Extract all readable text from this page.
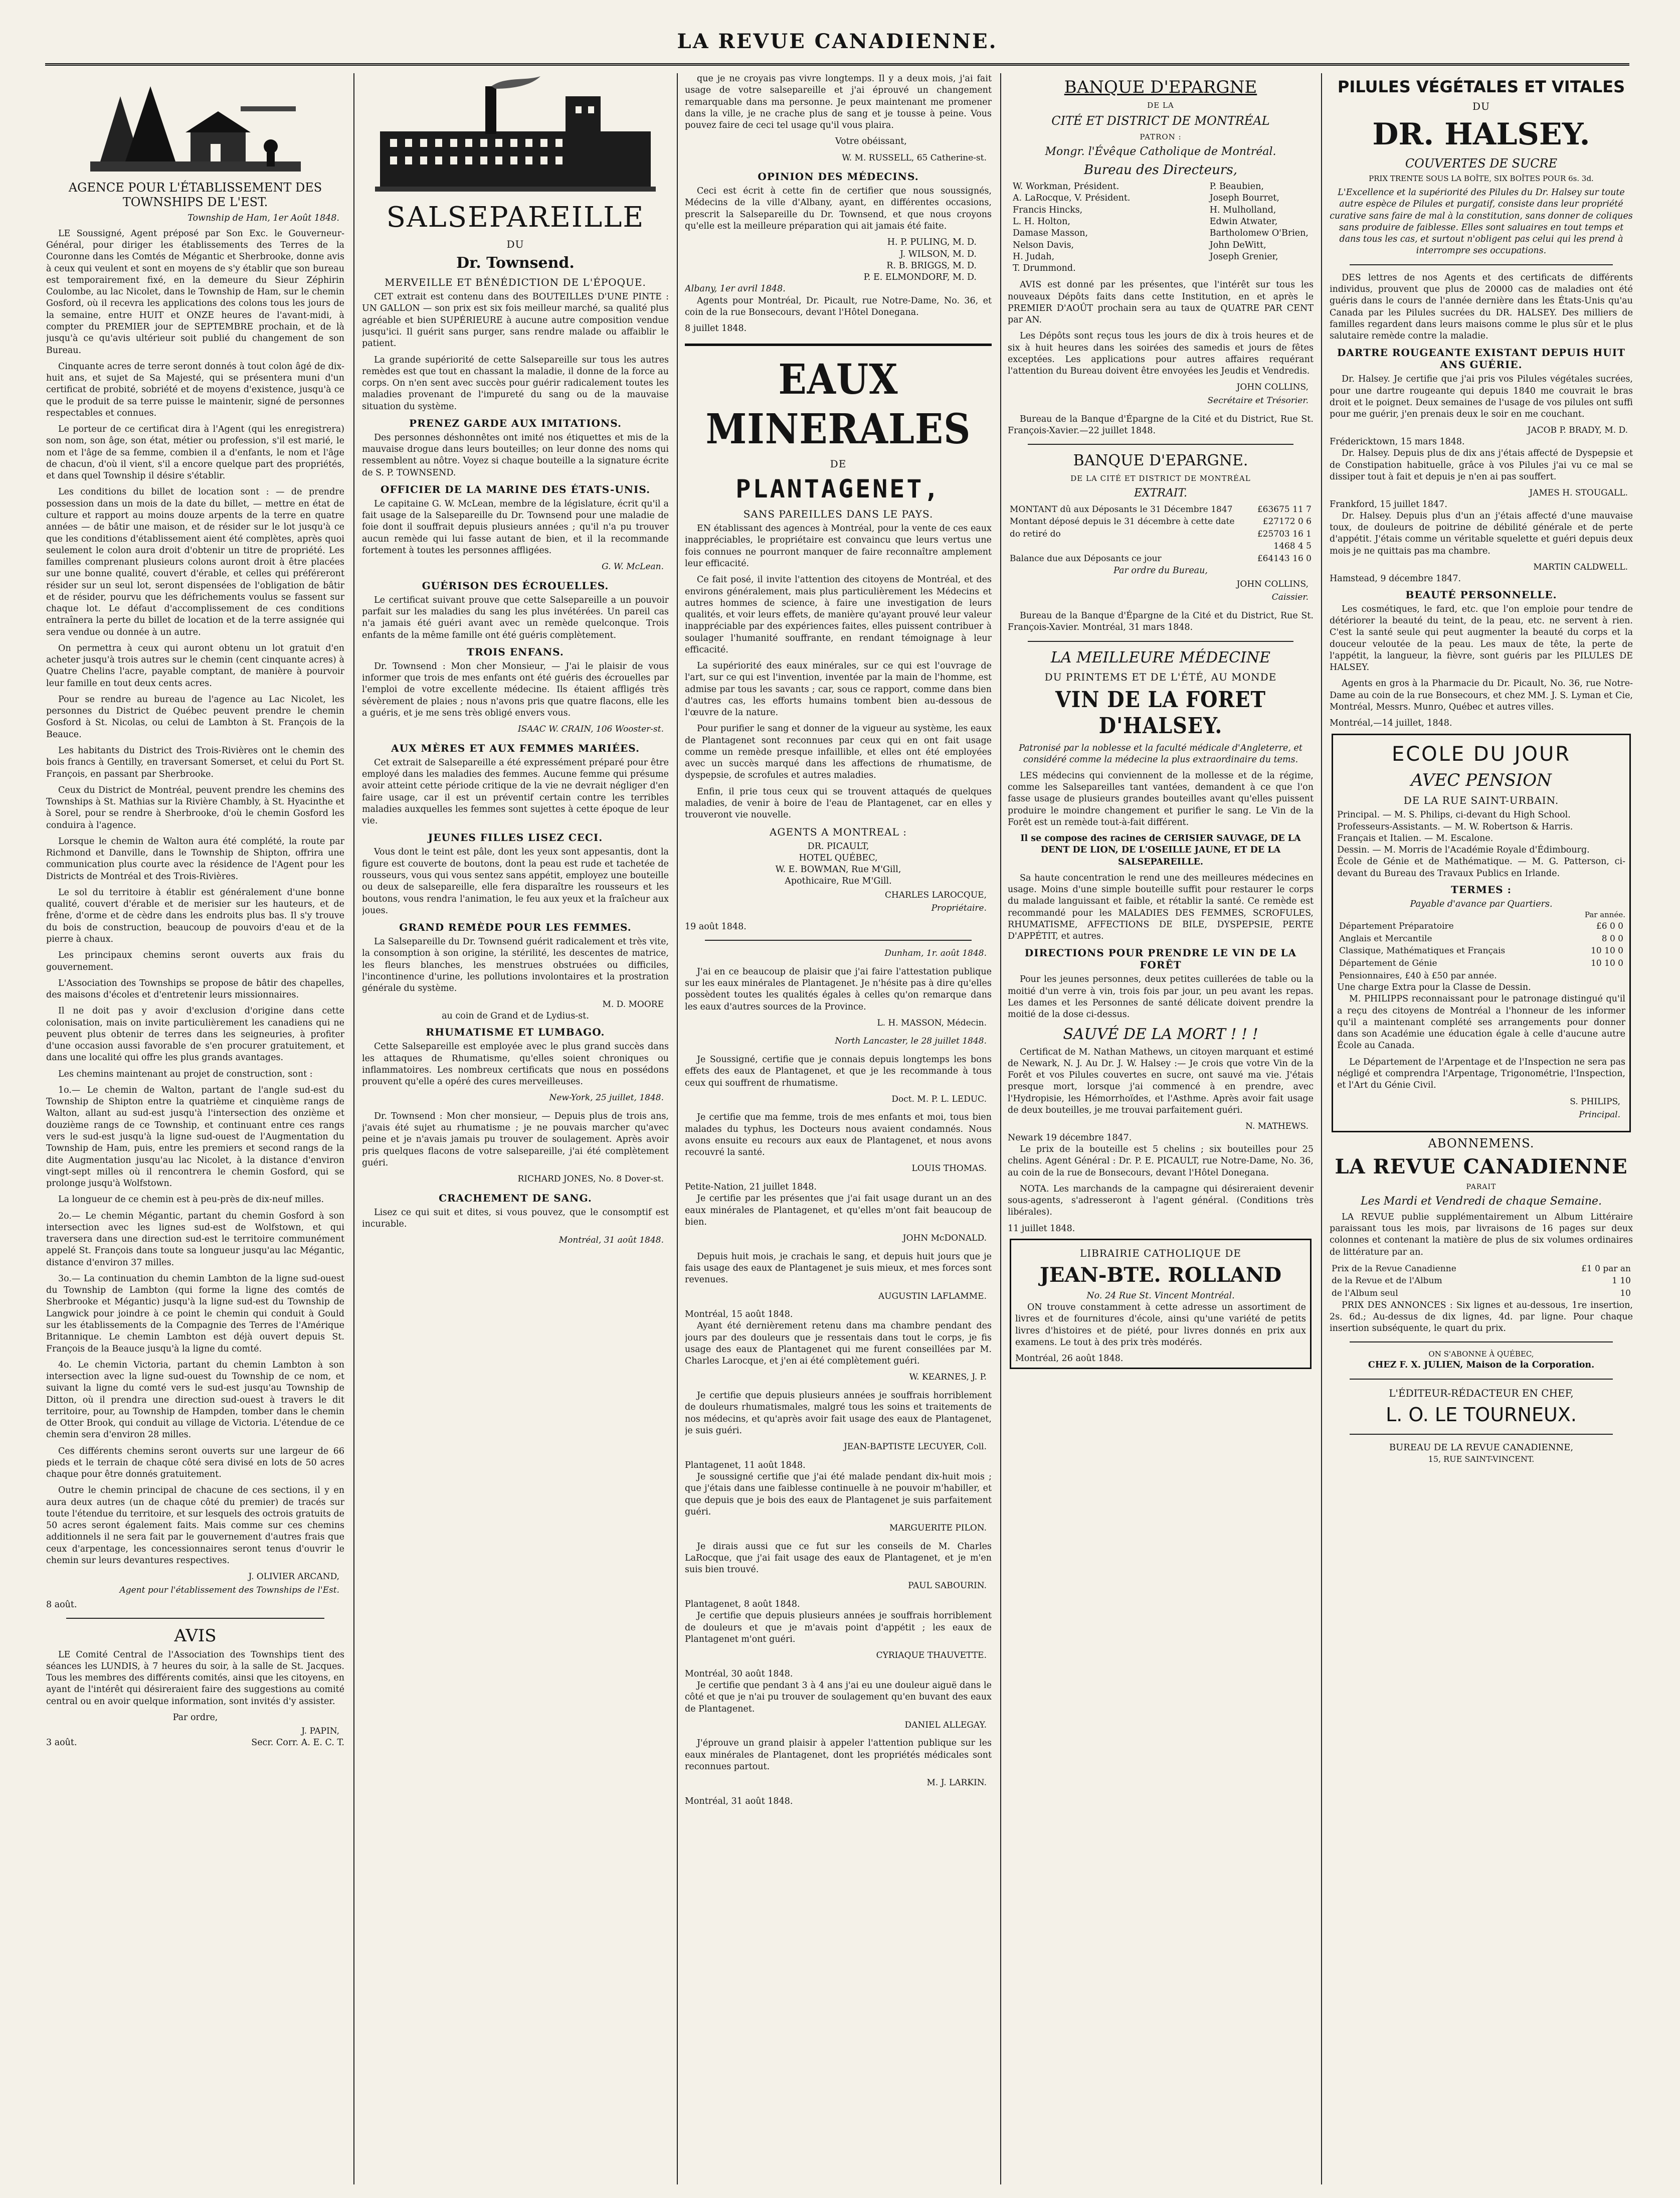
LA REVUE CANADIENNE.
AGENCE POUR L'ÉTABLISSEMENT DES TOWNSHIPS DE L'EST.
Township de Ham, 1er Août 1848.

LE Soussigné, Agent préposé par Son Exc. le Gouverneur-Général, pour diriger les établissements des Terres de la Couronne dans les Comtés de Mégantic et Sherbrooke, donne avis à ceux qui veulent et sont en moyens de s'y établir que son bureau est temporairement fixé, en la demeure du Sieur Zéphirin Coulombe, au lac Nicolet, dans le Township de Ham, sur le chemin Gosford, où il recevra les applications des colons tous les jours de la semaine, entre HUIT et ONZE heures de l'avant-midi, à compter du PREMIER jour de SEPTEMBRE prochain, et de là jusqu'à ce qu'avis ultérieur soit publié du changement de son Bureau.

Cinquante acres de terre seront donnés à tout colon âgé de dix-huit ans, et sujet de Sa Majesté, qui se présentera muni d'un certificat de probité, sobriété et de moyens d'existence, jusqu'à ce que le produit de sa terre puisse le maintenir, signé de personnes respectables et connues.

Le porteur de ce certificat dira à l'Agent (qui les enregistrera) son nom, son âge, son état, métier ou profession, s'il est marié, le nom et l'âge de sa femme, combien il a d'enfants, le nom et l'âge de chacun, d'où il vient, s'il a encore quelque part des propriétés, et dans quel Township il désire s'établir.

Les conditions du billet de location sont : — de prendre possession dans un mois de la date du billet, — mettre en état de culture et rapport au moins douze arpents de la terre en quatre années — de bâtir une maison, et de résider sur le lot jusqu'à ce que les conditions d'établissement aient été complètes, après quoi seulement le colon aura droit d'obtenir un titre de propriété. Les familles comprenant plusieurs colons auront droit à être placées sur une bonne qualité, couvert d'érable, et celles qui préféreront résider sur un seul lot, seront dispensées de l'obligation de bâtir et de résider, pourvu que les défrichements voulus se fassent sur chaque lot. Le défaut d'accomplissement de ces conditions entraînera la perte du billet de location et de la terre assignée qui sera vendue ou donnée à un autre.

On permettra à ceux qui auront obtenu un lot gratuit d'en acheter jusqu'à trois autres sur le chemin (cent cinquante acres) à Quatre Chelins l'acre, payable comptant, de manière à pourvoir leur famille en tout deux cents acres.

Pour se rendre au bureau de l'agence au Lac Nicolet, les personnes du District de Québec peuvent prendre le chemin Gosford à St. Nicolas, ou celui de Lambton à St. François de la Beauce.

Les habitants du District des Trois-Rivières ont le chemin des bois francs à Gentilly, en traversant Somerset, et celui du Port St. François, en passant par Sherbrooke.

Ceux du District de Montréal, peuvent prendre les chemins des Townships à St. Mathias sur la Rivière Chambly, à St. Hyacinthe et à Sorel, pour se rendre à Sherbrooke, d'où le chemin Gosford les conduira à l'agence.

Lorsque le chemin de Walton aura été complété, la route par Richmond et Danville, dans le Township de Shipton, offrira une communication plus courte avec la résidence de l'Agent pour les Districts de Montréal et des Trois-Rivières.

Le sol du territoire à établir est généralement d'une bonne qualité, couvert d'érable et de merisier sur les hauteurs, et de frêne, d'orme et de cèdre dans les endroits plus bas. Il s'y trouve du bois de construction, beaucoup de pouvoirs d'eau et de la pierre à chaux.

Les principaux chemins seront ouverts aux frais du gouvernement.

L'Association des Townships se propose de bâtir des chapelles, des maisons d'écoles et d'entretenir leurs missionnaires.

Il ne doit pas y avoir d'exclusion d'origine dans cette colonisation, mais on invite particulièrement les canadiens qui ne peuvent plus obtenir de terres dans les seigneuries, à profiter d'une occasion aussi favorable de s'en procurer gratuitement, et dans une localité qui offre les plus grands avantages.

Les chemins maintenant au projet de construction, sont :

1o.— Le chemin de Walton, partant de l'angle sud-est du Township de Shipton entre la quatrième et cinquième rangs de Walton, allant au sud-est jusqu'à l'intersection des onzième et douzième rangs de ce Township, et continuant entre ces rangs vers le sud-est jusqu'à la ligne sud-ouest de l'Augmentation du Township de Ham, puis, entre les premiers et second rangs de la dite Augmentation jusqu'au lac Nicolet, à la distance d'environ vingt-sept milles où il rencontrera le chemin Gosford, qui se prolonge jusqu'à Wolfstown.

La longueur de ce chemin est à peu-près de dix-neuf milles.

2o.— Le chemin Mégantic, partant du chemin Gosford à son intersection avec les lignes sud-est de Wolfstown, et qui traversera dans une direction sud-est le territoire communément appelé St. François dans toute sa longueur jusqu'au lac Mégantic, distance d'environ 37 milles.

3o.— La continuation du chemin Lambton de la ligne sud-ouest du Township de Lambton (qui forme la ligne des comtés de Sherbrooke et Mégantic) jusqu'à la ligne sud-est du Township de Langwick pour joindre à ce point le chemin qui conduit à Gould sur les établissements de la Compagnie des Terres de l'Amérique Britannique. Le chemin Lambton est déjà ouvert depuis St. François de la Beauce jusqu'à la ligne du comté.

4o. Le chemin Victoria, partant du chemin Lambton à son intersection avec la ligne sud-ouest du Township de ce nom, et suivant la ligne du comté vers le sud-est jusqu'au Township de Ditton, où il prendra une direction sud-ouest à travers le dit territoire, pour, au Township de Hampden, tomber dans le chemin de Otter Brook, qui conduit au village de Victoria. L'étendue de ce chemin sera d'environ 28 milles.

Ces différents chemins seront ouverts sur une largeur de 66 pieds et le terrain de chaque côté sera divisé en lots de 50 acres chaque pour être donnés gratuitement.

Outre le chemin principal de chacune de ces sections, il y en aura deux autres (un de chaque côté du premier) de tracés sur toute l'étendue du territoire, et sur lesquels des octrois gratuits de 50 acres seront également faits. Mais comme sur ces chemins additionnels il ne sera fait par le gouvernement d'autres frais que ceux d'arpentage, les concessionnaires seront tenus d'ouvrir le chemin sur leurs devantures respectives.

J. OLIVIER ARCAND,
Agent pour l'établissement des Townships de l'Est.
8 août.
AVIS

LE Comité Central de l'Association des Townships tient des séances les LUNDIS, à 7 heures du soir, à la salle de St. Jacques. Tous les membres des différents comités, ainsi que les citoyens, en ayant de l'intérêt qui désireraient faire des suggestions au comité central ou en avoir quelque information, sont invités d'y assister.

Par ordre,
J. PAPIN,
3 août.	Secr. Corr. A. E. C. T.
SALSEPAREILLE
DU
Dr. Townsend.
MERVEILLE ET BÉNÉDICTION DE L'ÉPOQUE.

CET extrait est contenu dans des BOUTEILLES D'UNE PINTE : UN GALLON — son prix est six fois meilleur marché, sa qualité plus agréable et bien SUPÉRIEURE à aucune autre composition vendue jusqu'ici. Il guérit sans purger, sans rendre malade ou affaiblir le patient.

La grande supériorité de cette Salsepareille sur tous les autres remèdes est que tout en chassant la maladie, il donne de la force au corps. On n'en sent avec succès pour guérir radicalement toutes les maladies provenant de l'impureté du sang ou de la mauvaise situation du système.

PRENEZ GARDE AUX IMITATIONS.

Des personnes déshonnêtes ont imité nos étiquettes et mis de la mauvaise drogue dans leurs bouteilles; on leur donne des noms qui ressemblent au nôtre. Voyez si chaque bouteille a la signature écrite de S. P. TOWNSEND.

OFFICIER DE LA MARINE DES ÉTATS-UNIS.

Le capitaine G. W. McLean, membre de la législature, écrit qu'il a fait usage de la Salsepareille du Dr. Townsend pour une maladie de foie dont il souffrait depuis plusieurs années ; qu'il n'a pu trouver aucun remède qui lui fasse autant de bien, et il la recommande fortement à toutes les personnes affligées.

G. W. McLean.
GUÉRISON DES ÉCROUELLES.

Le certificat suivant prouve que cette Salsepareille a un pouvoir parfait sur les maladies du sang les plus invétérées. Un pareil cas n'a jamais été guéri avant avec un remède quelconque. Trois enfants de la même famille ont été guéris complètement.

TROIS ENFANS.

Dr. Townsend : Mon cher Monsieur, — J'ai le plaisir de vous informer que trois de mes enfants ont été guéris des écrouelles par l'emploi de votre excellente médecine. Ils étaient affligés très sévèrement de plaies ; nous n'avons pris que quatre flacons, elle les a guéris, et je me sens très obligé envers vous.

ISAAC W. CRAIN, 106 Wooster-st.
AUX MÈRES ET AUX FEMMES MARIÉES.

Cet extrait de Salsepareille a été expressément préparé pour être employé dans les maladies des femmes. Aucune femme qui présume avoir atteint cette période critique de la vie ne devrait négliger d'en faire usage, car il est un préventif certain contre les terribles maladies auxquelles les femmes sont sujettes à cette époque de leur vie.

JEUNES FILLES LISEZ CECI.

Vous dont le teint est pâle, dont les yeux sont appesantis, dont la figure est couverte de boutons, dont la peau est rude et tachetée de rousseurs, vous qui vous sentez sans appétit, employez une bouteille ou deux de salsepareille, elle fera disparaître les rousseurs et les boutons, vous rendra l'animation, le feu aux yeux et la fraîcheur aux joues.

GRAND REMÈDE POUR LES FEMMES.

La Salsepareille du Dr. Townsend guérit radicalement et très vite, la consomption à son origine, la stérilité, les descentes de matrice, les fleurs blanches, les menstrues obstruées ou difficiles, l'incontinence d'urine, les pollutions involontaires et la prostration générale du système.

M. D. MOORE
au coin de Grand et de Lydius-st.
RHUMATISME ET LUMBAGO.

Cette Salsepareille est employée avec le plus grand succès dans les attaques de Rhumatisme, qu'elles soient chroniques ou inflammatoires. Les nombreux certificats que nous en possédons prouvent qu'elle a opéré des cures merveilleuses.

New-York, 25 juillet, 1848.

Dr. Townsend : Mon cher monsieur, — Depuis plus de trois ans, j'avais été sujet au rhumatisme ; je ne pouvais marcher qu'avec peine et je n'avais jamais pu trouver de soulagement. Après avoir pris quelques flacons de votre salsepareille, j'ai été complètement guéri.

RICHARD JONES, No. 8 Dover-st.
CRACHEMENT DE SANG.

Lisez ce qui suit et dites, si vous pouvez, que le consomptif est incurable.

Montréal, 31 août 1848.

que je ne croyais pas vivre longtemps. Il y a deux mois, j'ai fait usage de votre salsepareille et j'ai éprouvé un changement remarquable dans ma personne. Je peux maintenant me promener dans la ville, je ne crache plus de sang et je tousse à peine. Vous pouvez faire de ceci tel usage qu'il vous plaira.

Votre obéissant,

W. M. RUSSELL, 65 Catherine-st.
OPINION DES MÉDECINS.

Ceci est écrit à cette fin de certifier que nous soussignés, Médecins de la ville d'Albany, ayant, en différentes occasions, prescrit la Salsepareille du Dr. Townsend, et que nous croyons qu'elle est la meilleure préparation qui ait jamais été faite.

H. P. PULING, M. D.
J. WILSON, M. D.
R. B. BRIGGS, M. D.
P. E. ELMONDORF, M. D.
Albany, 1er avril 1848.

Agents pour Montréal, Dr. Picault, rue Notre-Dame, No. 36, et coin de la rue Bonsecours, devant l'Hôtel Donegana.

8 juillet 1848.
EAUX MINERALES
DE
PLANTAGENET,
SANS PAREILLES DANS LE PAYS.

EN établissant des agences à Montréal, pour la vente de ces eaux inappréciables, le propriétaire est convaincu que leurs vertus une fois connues ne pourront manquer de faire reconnaître amplement leur efficacité.

Ce fait posé, il invite l'attention des citoyens de Montréal, et des environs généralement, mais plus particulièrement les Médecins et autres hommes de science, à faire une investigation de leurs qualités, et voir leurs effets, de manière qu'ayant prouvé leur valeur inappréciable par des expériences faites, elles puissent contribuer à soulager l'humanité souffrante, en rendant témoignage à leur efficacité.

La supériorité des eaux minérales, sur ce qui est l'ouvrage de l'art, sur ce qui est l'invention, inventée par la main de l'homme, est admise par tous les savants ; car, sous ce rapport, comme dans bien d'autres cas, les efforts humains tombent bien au-dessous de l'œuvre de la nature.

Pour purifier le sang et donner de la vigueur au système, les eaux de Plantagenet sont reconnues par ceux qui en ont fait usage comme un remède presque infaillible, et elles ont été employées avec un succès marqué dans les affections de rhumatisme, de dyspepsie, de scrofules et autres maladies.

Enfin, il prie tous ceux qui se trouvent attaqués de quelques maladies, de venir à boire de l'eau de Plantagenet, car en elles y trouveront vie nouvelle.

AGENTS A MONTREAL :
DR. PICAULT,
HOTEL QUÉBEC,
W. E. BOWMAN, Rue M'Gill,
Apothicaire, Rue M'Gill.
CHARLES LAROCQUE,
Propriétaire.
19 août 1848.
Dunham, 1r. août 1848.

J'ai en ce beaucoup de plaisir que j'ai faire l'attestation publique sur les eaux minérales de Plantagenet. Je n'hésite pas à dire qu'elles possèdent toutes les qualités égales à celles qu'on remarque dans les eaux d'autres sources de la Province.

L. H. MASSON, Médecin.
North Lancaster, le 28 juillet 1848.

Je Soussigné, certifie que je connais depuis longtemps les bons effets des eaux de Plantagenet, et que je les recommande à tous ceux qui souffrent de rhumatisme.

Doct. M. P. L. LEDUC.

Je certifie que ma femme, trois de mes enfants et moi, tous bien malades du typhus, les Docteurs nous avaient condamnés. Nous avons ensuite eu recours aux eaux de Plantagenet, et nous avons recouvré la santé.

LOUIS THOMAS.
Petite-Nation, 21 juillet 1848.

Je certifie par les présentes que j'ai fait usage durant un an des eaux minérales de Plantagenet, et qu'elles m'ont fait beaucoup de bien.

JOHN McDONALD.

Depuis huit mois, je crachais le sang, et depuis huit jours que je fais usage des eaux de Plantagenet je suis mieux, et mes forces sont revenues.

AUGUSTIN LAFLAMME.
Montréal, 15 août 1848.

Ayant été dernièrement retenu dans ma chambre pendant des jours par des douleurs que je ressentais dans tout le corps, je fis usage des eaux de Plantagenet qui me furent conseillées par M. Charles Larocque, et j'en ai été complètement guéri.

W. KEARNES, J. P.

Je certifie que depuis plusieurs années je souffrais horriblement de douleurs rhumatismales, malgré tous les soins et traitements de nos médecins, et qu'après avoir fait usage des eaux de Plantagenet, je suis guéri.

JEAN-BAPTISTE LECUYER, Coll.
Plantagenet, 11 août 1848.

Je soussigné certifie que j'ai été malade pendant dix-huit mois ; que j'étais dans une faiblesse continuelle à ne pouvoir m'habiller, et que depuis que je bois des eaux de Plantagenet je suis parfaitement guéri.

MARGUERITE PILON.

Je dirais aussi que ce fut sur les conseils de M. Charles LaRocque, que j'ai fait usage des eaux de Plantagenet, et je m'en suis bien trouvé.

PAUL SABOURIN.
Plantagenet, 8 août 1848.

Je certifie que depuis plusieurs années je souffrais horriblement de douleurs et que je m'avais point d'appétit ; les eaux de Plantagenet m'ont guéri.

CYRIAQUE THAUVETTE.
Montréal, 30 août 1848.

Je certifie que pendant 3 à 4 ans j'ai eu une douleur aiguë dans le côté et que je n'ai pu trouver de soulagement qu'en buvant des eaux de Plantagenet.

DANIEL ALLEGAY.

J'éprouve un grand plaisir à appeler l'attention publique sur les eaux minérales de Plantagenet, dont les propriétés médicales sont reconnues partout.

M. J. LARKIN.
Montréal, 31 août 1848.
BANQUE D'EPARGNE
DE LA
CITÉ ET DISTRICT DE MONTRÉAL
PATRON :
Mongr. l'Évêque Catholique de Montréal.
Bureau des Directeurs,
W. Workman, Président.
A. LaRocque, V. Président.
Francis Hincks,
L. H. Holton,
Damase Masson,
Nelson Davis,
H. Judah,
T. Drummond.
P. Beaubien,
Joseph Bourret,
H. Mulholland,
Edwin Atwater,
Bartholomew O'Brien,
John DeWitt,
Joseph Grenier,

AVIS est donné par les présentes, que l'intérêt sur tous les nouveaux Dépôts faits dans cette Institution, en et après le PREMIER D'AOÛT prochain sera au taux de QUATRE PAR CENT par AN.

Les Dépôts sont reçus tous les jours de dix à trois heures et de six à huit heures dans les soirées des samedis et jours de fêtes exceptées. Les applications pour autres affaires requérant l'attention du Bureau doivent être envoyées les Jeudis et Vendredis.

JOHN COLLINS,
Secrétaire et Trésorier.

Bureau de la Banque d'Épargne de la Cité et du District, Rue St. François-Xavier.—22 juillet 1848.

BANQUE D'EPARGNE.
DE LA CITÉ ET DISTRICT DE MONTRÉAL
EXTRAIT.
MONTANT dû aux Déposants le 31 Décembre 1847	£63675 11 7
Montant déposé depuis le 31 décembre à cette date	£27172 0 6
do retiré do	£25703 16 1
	1468 4 5
Balance due aux Déposants ce jour	£64143 16 0
Par ordre du Bureau,
JOHN COLLINS,
Caissier.

Bureau de la Banque d'Épargne de la Cité et du District, Rue St. François-Xavier. Montréal, 31 mars 1848.

LA MEILLEURE MÉDECINE
DU PRINTEMS ET DE L'ÉTÉ, AU MONDE
VIN DE LA FORET D'HALSEY.
Patronisé par la noblesse et la faculté médicale d'Angleterre, et considéré comme la médecine la plus extraordinaire du tems.

LES médecins qui conviennent de la mollesse et de la régime, comme les Salsepareilles tant vantées, demandent à ce que l'on fasse usage de plusieurs grandes bouteilles avant qu'elles puissent produire le moindre changement et purifier le sang. Le Vin de la Forêt est un remède tout-à-fait différent.

Il se compose des racines de CERISIER SAUVAGE, DE LA DENT DE LION, DE L'OSEILLE JAUNE, ET DE LA SALSEPAREILLE.

Sa haute concentration le rend une des meilleures médecines en usage. Moins d'une simple bouteille suffit pour restaurer le corps du malade languissant et faible, et rétablir la santé. Ce remède est recommandé pour les MALADIES DES FEMMES, SCROFULES, RHUMATISME, AFFECTIONS DE BILE, DYSPEPSIE, PERTE D'APPÉTIT, et autres.

DIRECTIONS POUR PRENDRE LE VIN DE LA FORÊT

Pour les jeunes personnes, deux petites cuillerées de table ou la moitié d'un verre à vin, trois fois par jour, un peu avant les repas. Les dames et les Personnes de santé délicate doivent prendre la moitié de la dose ci-dessus.

SAUVÉ DE LA MORT ! ! !

Certificat de M. Nathan Mathews, un citoyen marquant et estimé de Newark, N. J. Au Dr. J. W. Halsey :— Je crois que votre Vin de la Forêt et vos Pilules couvertes en sucre, ont sauvé ma vie. J'étais presque mort, lorsque j'ai commencé à en prendre, avec l'Hydropisie, les Hémorrhoïdes, et l'Asthme. Après avoir fait usage de deux bouteilles, je me trouvai parfaitement guéri.

N. MATHEWS.
Newark 19 décembre 1847.

Le prix de la bouteille est 5 chelins ; six bouteilles pour 25 chelins. Agent Général : Dr. P. E. PICAULT, rue Notre-Dame, No. 36, au coin de la rue de Bonsecours, devant l'Hôtel Donegana.

NOTA. Les marchands de la campagne qui désireraient devenir sous-agents, s'adresseront à l'agent général. (Conditions très libérales).

11 juillet 1848.
LIBRAIRIE CATHOLIQUE DE
JEAN-BTE. ROLLAND
No. 24 Rue St. Vincent Montréal.

ON trouve constamment à cette adresse un assortiment de livres et de fournitures d'école, ainsi qu'une variété de petits livres d'histoires et de piété, pour livres donnés en prix aux examens. Le tout à des prix très modérés.

Montréal, 26 août 1848.
PILULES VÉGÉTALES ET VITALES
DU
DR. HALSEY.
COUVERTES DE SUCRE
PRIX TRENTE SOUS LA BOÎTE, SIX BOÎTES POUR 6s. 3d.

L'Excellence et la supériorité des Pilules du Dr. Halsey sur toute autre espèce de Pilules et purgatif, consiste dans leur propriété curative sans faire de mal à la constitution, sans donner de coliques sans produire de faiblesse. Elles sont saluaires en tout temps et dans tous les cas, et surtout n'obligent pas celui qui les prend à interrompre ses occupations.

DES lettres de nos Agents et des certificats de différents individus, prouvent que plus de 20000 cas de maladies ont été guéris dans le cours de l'année dernière dans les États-Unis qu'au Canada par les Pilules sucrées du DR. HALSEY. Des milliers de familles regardent dans leurs maisons comme le plus sûr et le plus salutaire remède contre la maladie.

DARTRE ROUGEANTE EXISTANT DEPUIS HUIT ANS GUÉRIE.

Dr. Halsey. Je certifie que j'ai pris vos Pilules végétales sucrées, pour une dartre rougeante qui depuis 1840 me couvrait le bras droit et le poignet. Deux semaines de l'usage de vos pilules ont suffi pour me guérir, j'en prenais deux le soir en me couchant.

JACOB P. BRADY, M. D.
Frédericktown, 15 mars 1848.

Dr. Halsey. Depuis plus de dix ans j'étais affecté de Dyspepsie et de Constipation habituelle, grâce à vos Pilules j'ai vu ce mal se dissiper tout à fait et depuis je n'en ai pas souffert.

JAMES H. STOUGALL.
Frankford, 15 juillet 1847.

Dr. Halsey. Depuis plus d'un an j'étais affecté d'une mauvaise toux, de douleurs de poitrine de débilité générale et de perte d'appétit. J'étais comme un véritable squelette et guéri depuis deux mois je ne quittais pas ma chambre.

MARTIN CALDWELL.
Hamstead, 9 décembre 1847.
BEAUTÉ PERSONNELLE.

Les cosmétiques, le fard, etc. que l'on emploie pour tendre de détériorer la beauté du teint, de la peau, etc. ne servent à rien. C'est la santé seule qui peut augmenter la beauté du corps et la douceur veloutée de la peau. Les maux de tête, la perte de l'appétit, la langueur, la fièvre, sont guéris par les PILULES DE HALSEY.

Agents en gros à la Pharmacie du Dr. Picault, No. 36, rue Notre-Dame au coin de la rue Bonsecours, et chez MM. J. S. Lyman et Cie, Montréal, Messrs. Munro, Québec et autres villes.

Montréal,—14 juillet, 1848.
ECOLE DU JOUR
AVEC PENSION
DE LA RUE SAINT-URBAIN.
Principal. — M. S. Philips, ci-devant du High School.
Professeurs-Assistants. — M. W. Robertson & Harris.
Français et Italien. — M. Escalone.
Dessin. — M. Morris de l'Académie Royale d'Édimbourg.
École de Génie et de Mathématique. — M. G. Patterson, ci-devant du Bureau des Travaux Publics en Irlande.
TERMES :
Payable d'avance par Quartiers.
Par année.
Département Préparatoire	£6 0 0
Anglais et Mercantile	8 0 0
Classique, Mathématiques et Français	10 10 0
Département de Génie	10 10 0
Pensionnaires, £40 à £50 par année.	
Une charge Extra pour la Classe de Dessin.

M. PHILIPPS reconnaissant pour le patronage distingué qu'il a reçu des citoyens de Montréal a l'honneur de les informer qu'il a maintenant complété ses arrangements pour donner dans son Académie une éducation égale à celle d'aucune autre École au Canada.

Le Département de l'Arpentage et de l'Inspection ne sera pas négligé et comprendra l'Arpentage, Trigonométrie, l'Inspection, et l'Art du Génie Civil.

S. PHILIPS,
Principal.
ABONNEMENS.
LA REVUE CANADIENNE
PARAIT
Les Mardi et Vendredi de chaque Semaine.

LA REVUE publie supplémentairement un Album Littéraire paraissant tous les mois, par livraisons de 16 pages sur deux colonnes et contenant la matière de plus de six volumes ordinaires de littérature par an.

Prix de la Revue Canadienne	£1 0 par an
de la Revue et de l'Album	1 10
de l'Album seul	10

PRIX DES ANNONCES : Six lignes et au-dessous, 1re insertion, 2s. 6d.; Au-dessus de dix lignes, 4d. par ligne. Pour chaque insertion subséquente, le quart du prix.

ON S'ABONNE À QUÉBEC,
CHEZ F. X. JULIEN, Maison de la Corporation.
L'ÉDITEUR-RÉDACTEUR EN CHEF,
L. O. LE TOURNEUX.
BUREAU DE LA REVUE CANADIENNE,
15, RUE SAINT-VINCENT.
